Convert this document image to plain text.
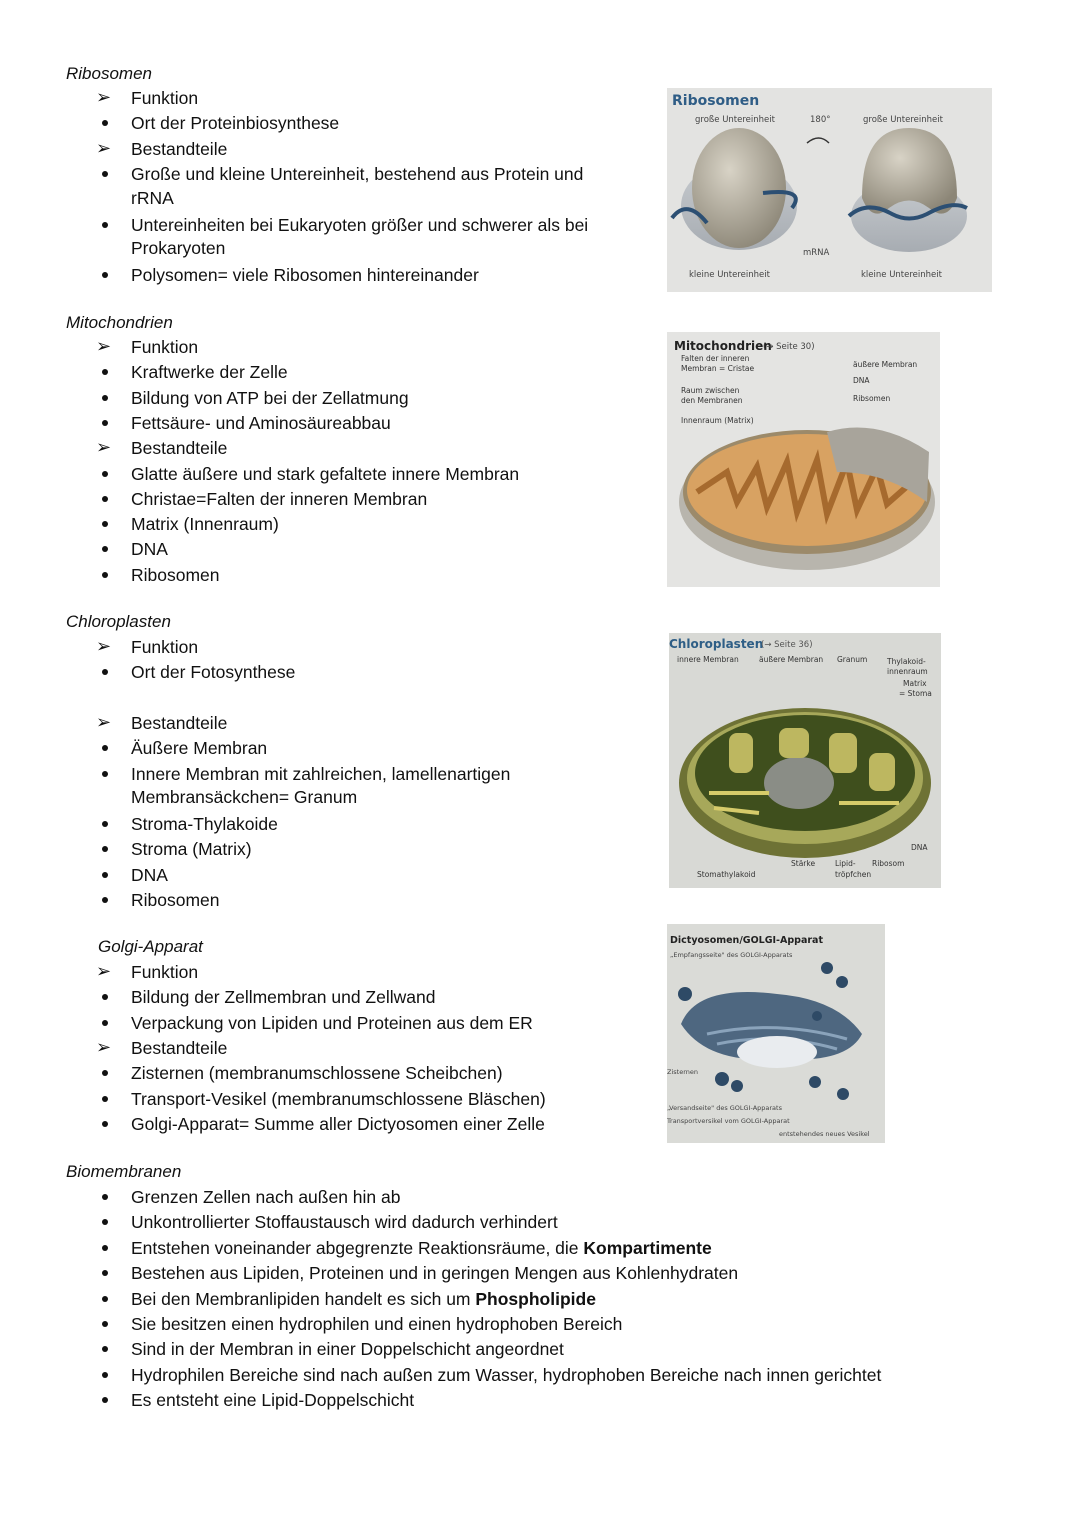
Ribosomen
➢ Funktion
Ort der Proteinbiosynthese
➢ Bestandteile
Große und kleine Untereinheit, bestehend aus Protein und
rRNA
Untereinheiten bei Eukaryoten größer und schwerer als bei
Prokaryoten
Polysomen= viele Ribosomen hintereinander
Ribosomen
große Untereinheit	180°	große Untereinheit
mRNA
kleine Untereinheit	kleine Untereinheit
Mitochondrien
➢ Funktion
Kraftwerke der Zelle
Bildung von ATP bei der Zellatmung
Fettsäure- und Aminosäureabbau
➢ Bestandteile
Glatte äußere und stark gefaltete innere Membran
Christae=Falten der inneren Membran
Matrix (Innenraum)
DNA
Ribosomen
Mitochondrien
(→ Seite 30)
Falten der inneren
Membran = Cristae
Raum zwischen
den Membranen
Innenraum (Matrix)
äußere Membran
DNA
Ribsomen
Chloroplasten
➢ Funktion
Ort der Fotosynthese
➢ Bestandteile
Äußere Membran
Innere Membran mit zahlreichen, lamellenartigen
Membransäckchen= Granum
Stroma-Thylakoide
Stroma (Matrix)
DNA
Ribosomen
Chloroplasten
(→ Seite 36)
innere Membran	äußere Membran Granum	Thylakoid-
innenraum
Matrix
= Stoma
DNA
Stärke	Lipid-
tröpfchen
Ribosom
Stomathylakoid
Golgi-Apparat
➢ Funktion
Bildung der Zellmembran und Zellwand
Verpackung von Lipiden und Proteinen aus dem ER
➢ Bestandteile
Zisternen (membranumschlossene Scheibchen)
Transport-Vesikel (membranumschlossene Bläschen)
Golgi-Apparat= Summe aller Dictyosomen einer Zelle
Dictyosomen/GOLGI-Apparat
„Empfangsseite" des GOLGI-Apparats
Zisternen
„Versandseite" des GOLGI-Apparats
Transportversikel vom GOLGI-Apparat
entstehendes neues Vesikel
Biomembranen
Grenzen Zellen nach außen hin ab
Unkontrollierter Stoffaustausch wird dadurch verhindert
Entstehen voneinander abgegrenzte Reaktionsräume, die Kompartimente
Bestehen aus Lipiden, Proteinen und in geringen Mengen aus Kohlenhydraten
Bei den Membranlipiden handelt es sich um Phospholipide
Sie besitzen einen hydrophilen und einen hydrophoben Bereich
Sind in der Membran in einer Doppelschicht angeordnet
Hydrophilen Bereiche sind nach außen zum Wasser, hydrophoben Bereiche nach innen gerichtet
Es entsteht eine Lipid-Doppelschicht
